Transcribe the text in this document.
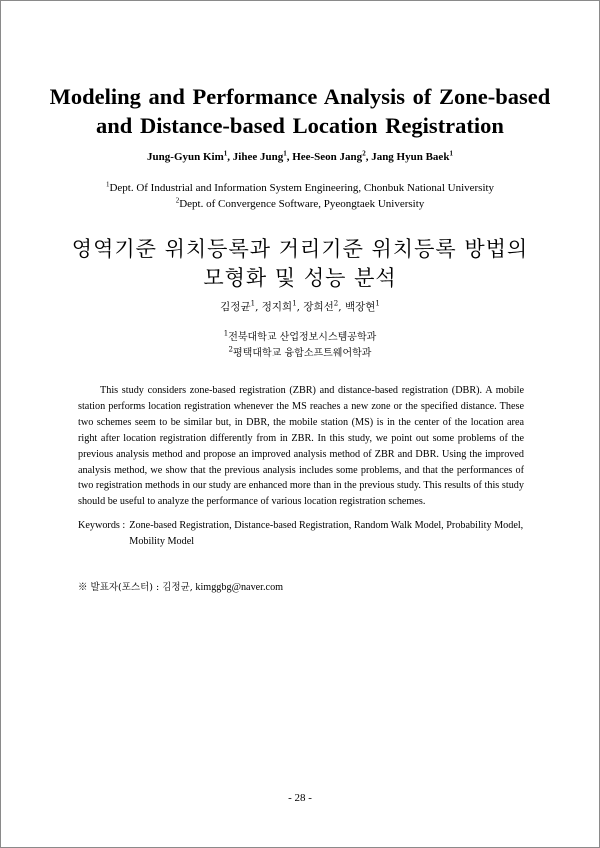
Modeling and Performance Analysis of Zone-based
and Distance-based Location Registration
Jung-Gyun Kim$^1$, Jihee Jung$^1$, Hee-Seon Jang$^2$, Jang Hyun Baek$^1$
$^1$Dept. Of Industrial and Information System Engineering, Chonbuk National University
$^2$Dept. of Convergence Software, Pyeongtaek University
영역기준 위치등록과 거리기준 위치등록 방법의
모형화 및 성능 분석
김정균$^1$, 정지희$^1$, 장희선$^2$, 백장현$^1$
$^1$전북대학교 산업정보시스템공학과
$^2$평택대학교 융합소프트웨어학과

This study considers zone-based registration (ZBR) and distance-based registration (DBR). A mobile station performs location registration whenever the MS reaches a new zone or the specified distance. These two schemes seem to be similar but, in DBR, the mobile station (MS) is in the center of the location area right after location registration differently from in ZBR. In this study, we point out some problems of the previous analysis method and propose an improved analysis method of ZBR and DBR. Using the improved analysis method, we show that the previous analysis includes some problems, and that the performances of two registration methods in our study are enhanced more than in the previous study. This results of this study should be useful to analyze the performance of various location registration schemes.

Keywords : Zone-based Registration, Distance-based Registration, Random Walk Model, Probability Model, Mobility Model
※ 발표자(포스터) : 김정균, kimggbg@naver.com
- 28 -
